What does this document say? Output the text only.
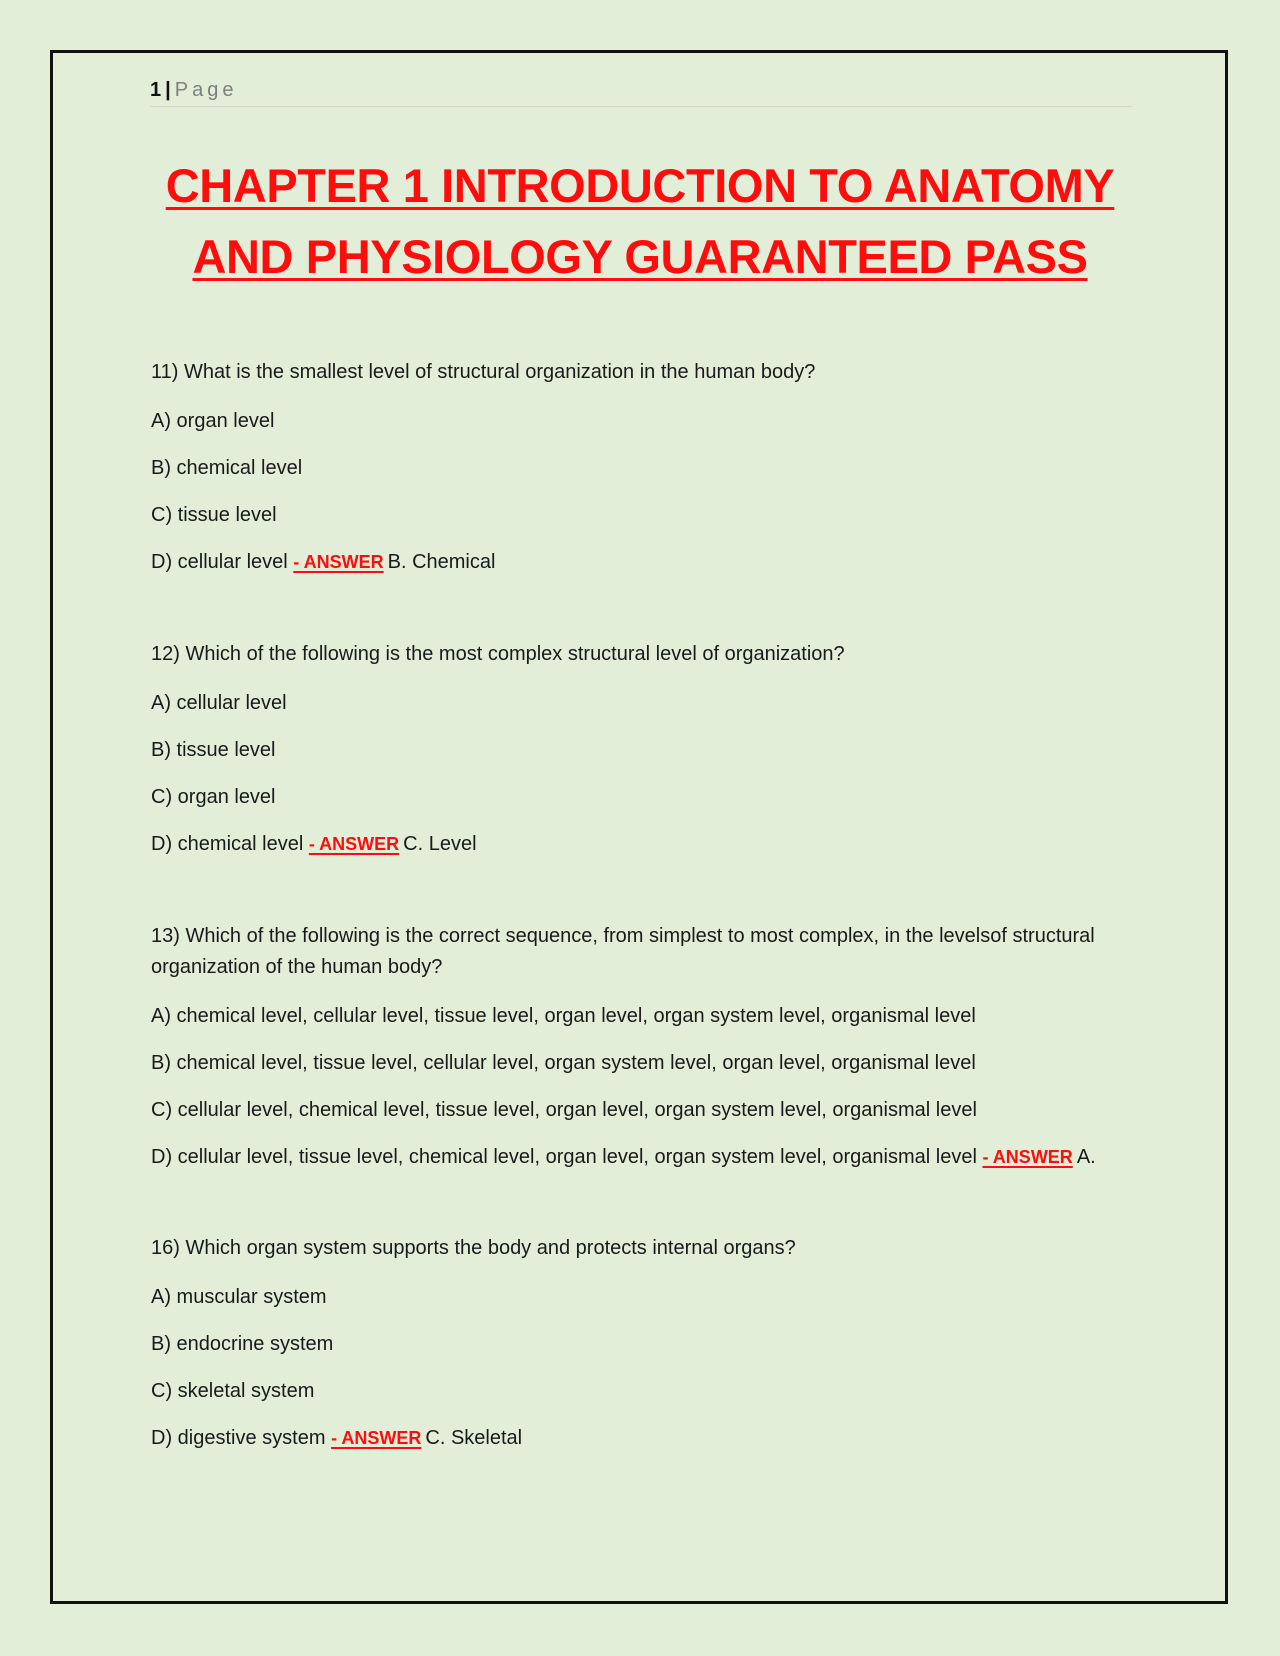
1 | Page
CHAPTER 1 INTRODUCTION TO ANATOMY AND PHYSIOLOGY GUARANTEED PASS

11) What is the smallest level of structural organization in the human body?

A) organ level

B) chemical level

C) tissue level

D) cellular level - ANSWER B. Chemical

12) Which of the following is the most complex structural level of organization?

A) cellular level

B) tissue level

C) organ level

D) chemical level - ANSWER C. Level

13) Which of the following is the correct sequence, from simplest to most complex, in the levelsof structural organization of the human body?

A) chemical level, cellular level, tissue level, organ level, organ system level, organismal level

B) chemical level, tissue level, cellular level, organ system level, organ level, organismal level

C) cellular level, chemical level, tissue level, organ level, organ system level, organismal level

D) cellular level, tissue level, chemical level, organ level, organ system level, organismal level - ANSWER A.

16) Which organ system supports the body and protects internal organs?

A) muscular system

B) endocrine system

C) skeletal system

D) digestive system - ANSWER C. Skeletal
